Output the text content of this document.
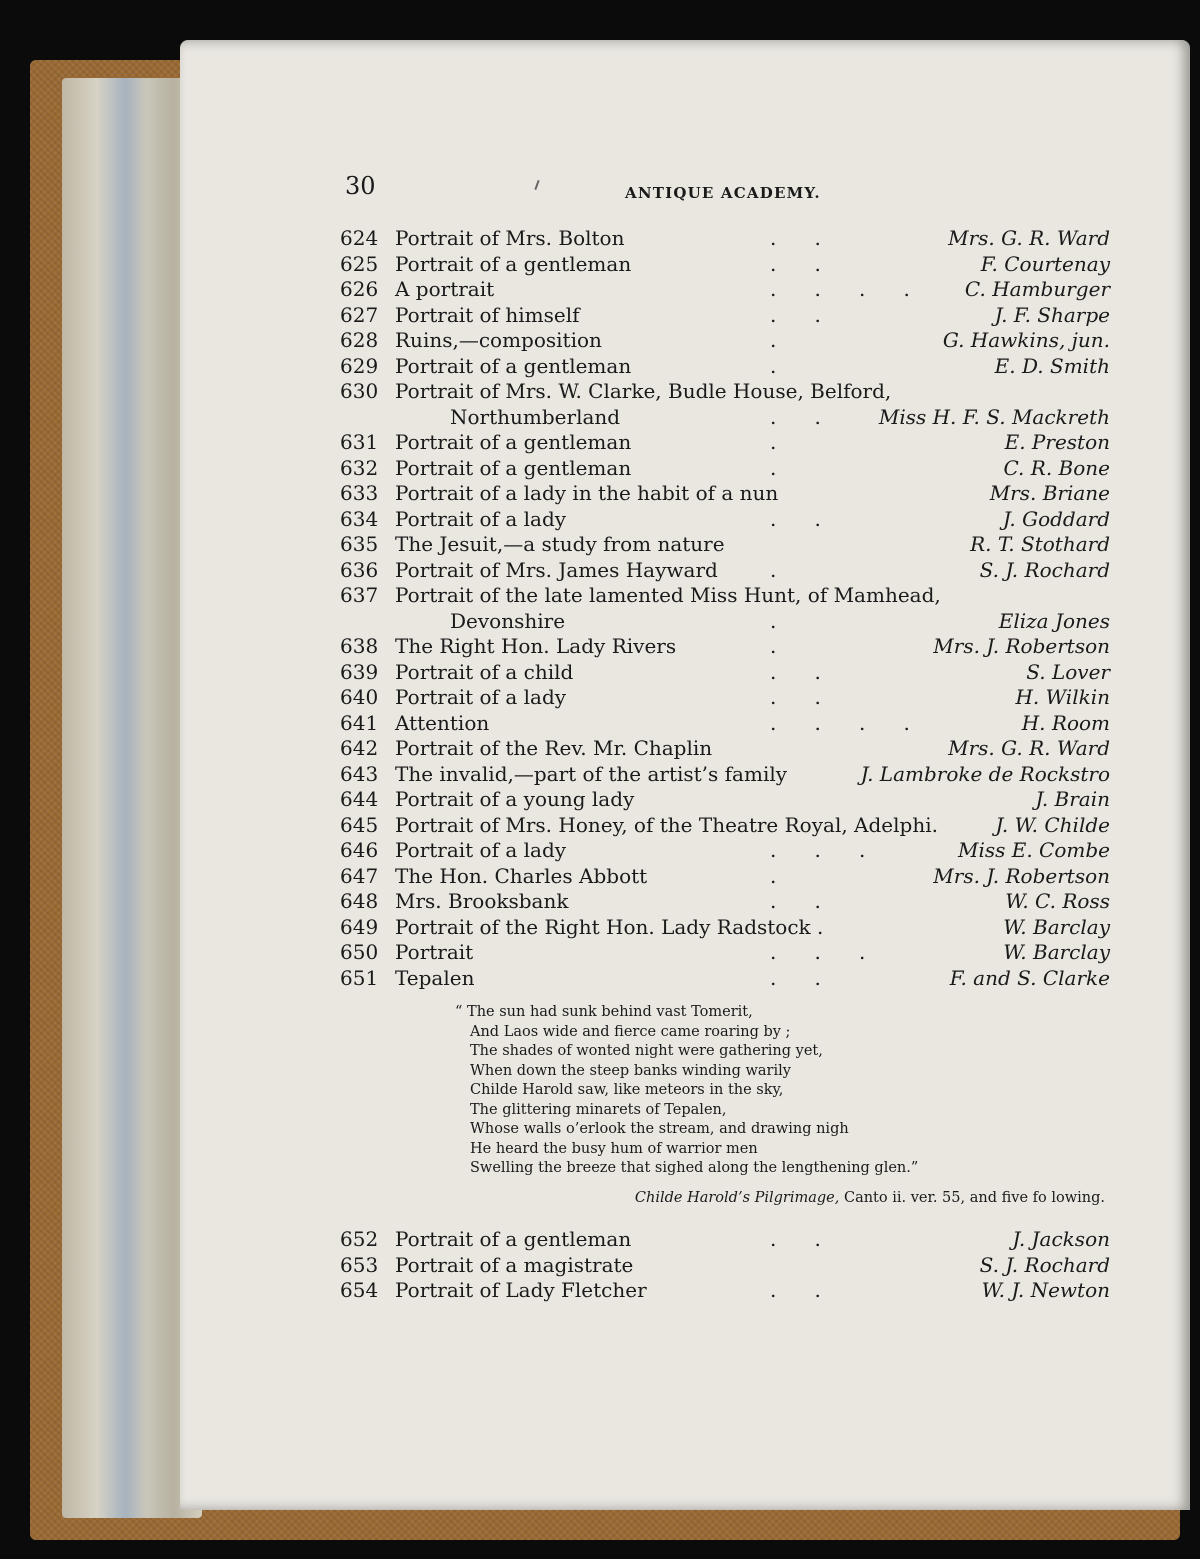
30	ANTIQUE ACADEMY.
624 Portrait of Mrs. Bolton	.      .	Mrs. G. R. Ward
625 Portrait of a gentleman	.      .	F. Courtenay
626 A portrait	.      .      .      .	C. Hamburger
627 Portrait of himself	.      .	J. F. Sharpe
628 Ruins,—composition	.	G. Hawkins, jun.
629 Portrait of a gentleman	.	E. D. Smith
630 Portrait of Mrs. W. Clarke, Budle House, Belford,
Northumberland	.      .	Miss H. F. S. Mackreth
631 Portrait of a gentleman	.	E. Preston
632 Portrait of a gentleman	.	C. R. Bone
633 Portrait of a lady in the habit of a nun	Mrs. Briane
634 Portrait of a lady	.      .	J. Goddard
635 The Jesuit,—a study from nature	R. T. Stothard
636 Portrait of Mrs. James Hayward	.	S. J. Rochard
637 Portrait of the late lamented Miss Hunt, of Mamhead,
Devonshire	.	Eliza Jones
638 The Right Hon. Lady Rivers	.	Mrs. J. Robertson
639 Portrait of a child	.      .	S. Lover
640 Portrait of a lady	.      .	H. Wilkin
641 Attention	.      .      .      .	H. Room
642 Portrait of the Rev. Mr. Chaplin	Mrs. G. R. Ward
643 The invalid,—part of the artist’s family	J. Lambroke de Rockstro
644 Portrait of a young lady	J. Brain
645 Portrait of Mrs. Honey, of the Theatre Royal, Adelphi.	J. W. Childe
646 Portrait of a lady	.      .      .	Miss E. Combe
647 The Hon. Charles Abbott	.	Mrs. J. Robertson
648 Mrs. Brooksbank	.      .	W. C. Ross
649 Portrait of the Right Hon. Lady Radstock .	W. Barclay
650 Portrait	.      .      .	W. Barclay
651 Tepalen	.      .	F. and S. Clarke
“ The sun had sunk behind vast Tomerit,
And Laos wide and fierce came roaring by ;
The shades of wonted night were gathering yet,
When down the steep banks winding warily
Childe Harold saw, like meteors in the sky,
The glittering minarets of Tepalen,
Whose walls o’erlook the stream, and drawing nigh
He heard the busy hum of warrior men
Swelling the breeze that sighed along the lengthening glen.”
Childe Harold’s Pilgrimage, Canto ii. ver. 55, and five fo lowing.
652 Portrait of a gentleman	.      .	J. Jackson
653 Portrait of a magistrate	S. J. Rochard
654 Portrait of Lady Fletcher	.      .	W. J. Newton
